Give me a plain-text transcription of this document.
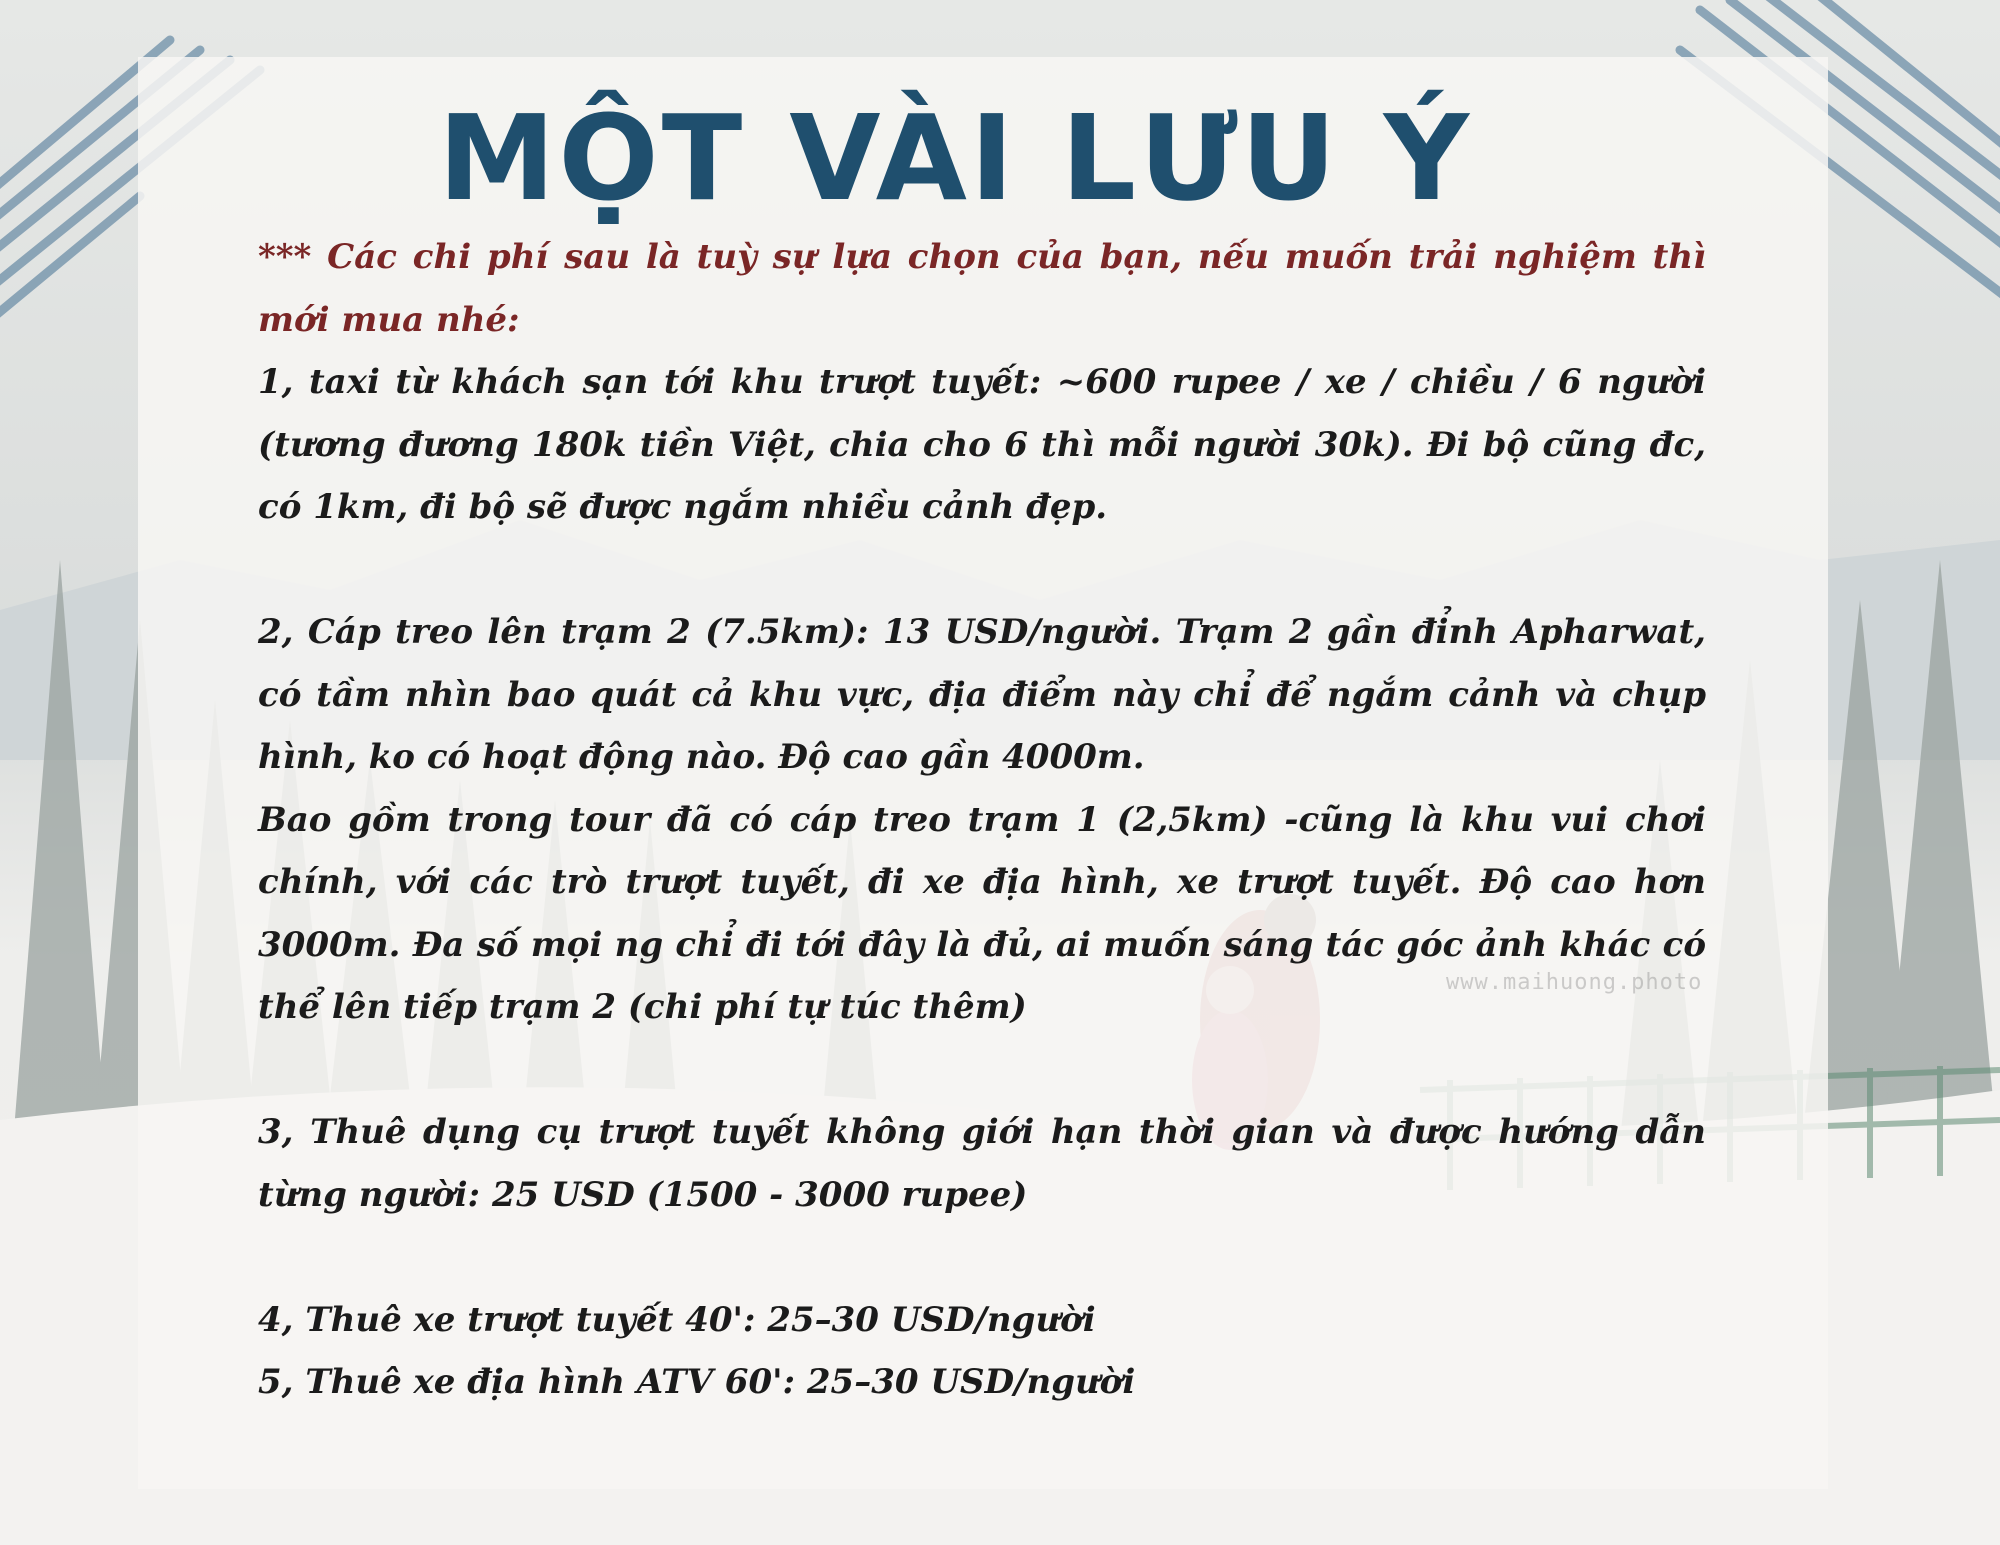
www.maihuong.photo
MỘT VÀI LƯU Ý

*** Các chi phí sau là tuỳ sự lựa chọn của bạn, nếu muốn trải nghiệm thì mới mua nhé:

1, taxi từ khách sạn tới khu trượt tuyết: ~600 rupee / xe / chiều / 6 người (tương đương 180k tiền Việt, chia cho 6 thì mỗi người 30k). Đi bộ cũng đc, có 1km, đi bộ sẽ được ngắm nhiều cảnh đẹp.

2, Cáp treo lên trạm 2 (7.5km): 13 USD/người. Trạm 2 gần đỉnh Apharwat, có tầm nhìn bao quát cả khu vực, địa điểm này chỉ để ngắm cảnh và chụp hình, ko có hoạt động nào. Độ cao gần 4000m.

Bao gồm trong tour đã có cáp treo trạm 1 (2,5km) -cũng là khu vui chơi chính, với các trò trượt tuyết, đi xe địa hình, xe trượt tuyết. Độ cao hơn 3000m. Đa số mọi ng chỉ đi tới đây là đủ, ai muốn sáng tác góc ảnh khác có thể lên tiếp trạm 2 (chi phí tự túc thêm)

3, Thuê dụng cụ trượt tuyết không giới hạn thời gian và được hướng dẫn từng người: 25 USD (1500 - 3000 rupee)

4, Thuê xe trượt tuyết 40': 25–30 USD/người

5, Thuê xe địa hình ATV 60': 25–30 USD/người
